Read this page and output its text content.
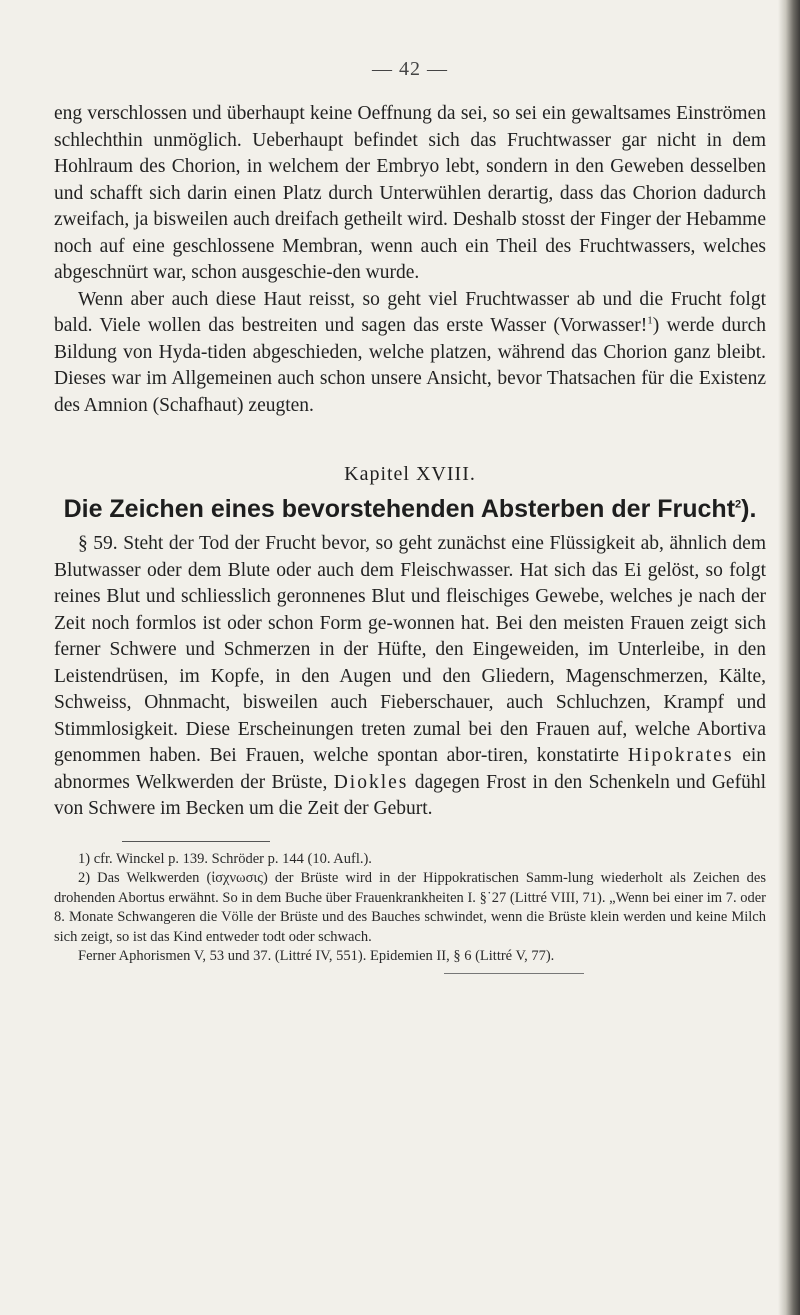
— 42 —

eng verschlossen und überhaupt keine Oeffnung da sei, so sei ein gewaltsames Einströmen schlechthin unmöglich. Ueberhaupt befindet sich das Fruchtwasser gar nicht in dem Hohlraum des Chorion, in welchem der Embryo lebt, sondern in den Geweben desselben und schafft sich darin einen Platz durch Unterwühlen derartig, dass das Chorion dadurch zweifach, ja bisweilen auch dreifach getheilt wird. Deshalb stosst der Finger der Hebamme noch auf eine geschlossene Membran, wenn auch ein Theil des Fruchtwassers, welches abgeschnürt war, schon ausgeschie-den wurde.

Wenn aber auch diese Haut reisst, so geht viel Fruchtwasser ab und die Frucht folgt bald. Viele wollen das bestreiten und sagen das erste Wasser (Vorwasser!$^1$) werde durch Bildung von Hyda-tiden abgeschieden, welche platzen, während das Chorion ganz bleibt. Dieses war im Allgemeinen auch schon unsere Ansicht, bevor Thatsachen für die Existenz des Amnion (Schafhaut) zeugten.

Kapitel XVIII.
Die Zeichen eines bevorstehenden Absterben der Frucht$^2$).

§ 59. Steht der Tod der Frucht bevor, so geht zunächst eine Flüssigkeit ab, ähnlich dem Blutwasser oder dem Blute oder auch dem Fleischwasser. Hat sich das Ei gelöst, so folgt reines Blut und schliesslich geronnenes Blut und fleischiges Gewebe, welches je nach der Zeit noch formlos ist oder schon Form ge-wonnen hat. Bei den meisten Frauen zeigt sich ferner Schwere und Schmerzen in der Hüfte, den Eingeweiden, im Unterleibe, in den Leistendrüsen, im Kopfe, in den Augen und den Gliedern, Magenschmerzen, Kälte, Schweiss, Ohnmacht, bisweilen auch Fieberschauer, auch Schluchzen, Krampf und Stimmlosigkeit. Diese Erscheinungen treten zumal bei den Frauen auf, welche Abortiva genommen haben. Bei Frauen, welche spontan abor-tiren, konstatirte Hipokrates ein abnormes Welkwerden der Brüste, Diokles dagegen Frost in den Schenkeln und Gefühl von Schwere im Becken um die Zeit der Geburt.

1) cfr. Winckel p. 139. Schröder p. 144 (10. Aufl.).

2) Das Welkwerden (ἰσχνωσις) der Brüste wird in der Hippokratischen Samm-lung wiederholt als Zeichen des drohenden Abortus erwähnt. So in dem Buche über Frauenkrankheiten I. §˙27 (Littré VIII, 71). „Wenn bei einer im 7. oder 8. Monate Schwangeren die Völle der Brüste und des Bauches schwindet, wenn die Brüste klein werden und keine Milch sich zeigt, so ist das Kind entweder todt oder schwach.

Ferner Aphorismen V, 53 und 37. (Littré IV, 551). Epidemien II, § 6 (Littré V, 77).
